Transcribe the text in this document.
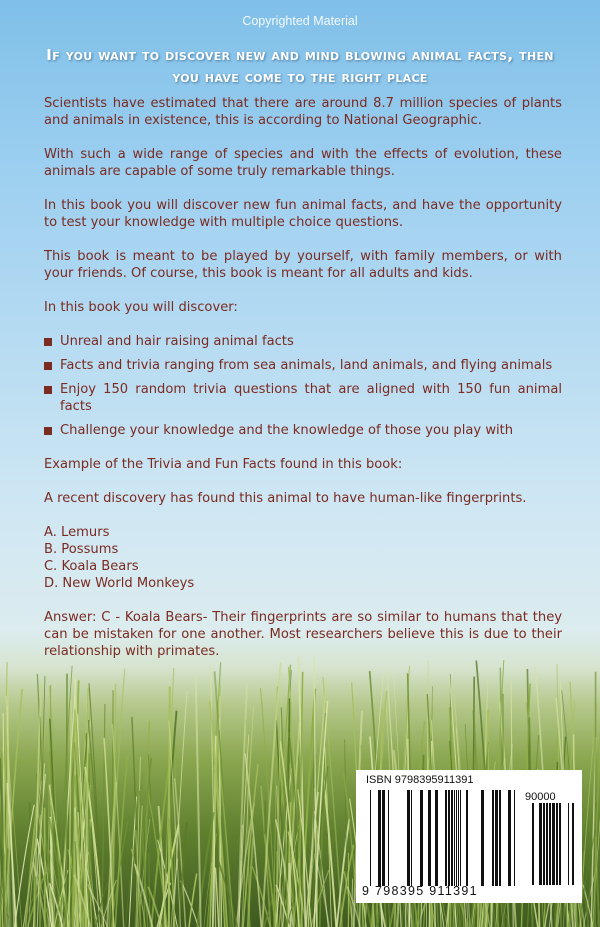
Copyrighted Material
If you want to discover new and mind blowing animal facts, then you have come to the right place

Scientists have estimated that there are around 8.7 million species of plants and animals in existence, this is according to National Geographic.

With such a wide range of species and with the effects of evolution, these animals are capable of some truly remarkable things.

In this book you will discover new fun animal facts, and have the opportunity to test your knowledge with multiple choice questions.

This book is meant to be played by yourself, with family members, or with your friends. Of course, this book is meant for all adults and kids.

In this book you will discover:

Unreal and hair raising animal facts
Facts and trivia ranging from sea animals, land animals, and flying animals
Enjoy 150 random trivia questions that are aligned with 150 fun animal facts
Challenge your knowledge and the knowledge of those you play with

Example of the Trivia and Fun Facts found in this book:

A recent discovery has found this animal to have human-like fingerprints.

A. Lemurs
B. Possums
C. Koala Bears
D. New World Monkeys

Answer: C - Koala Bears- Their fingerprints are so similar to humans that they can be mistaken for one another. Most researchers believe this is due to their relationship with primates.

ISBN 9798395911391
90000
9 798395 911391
